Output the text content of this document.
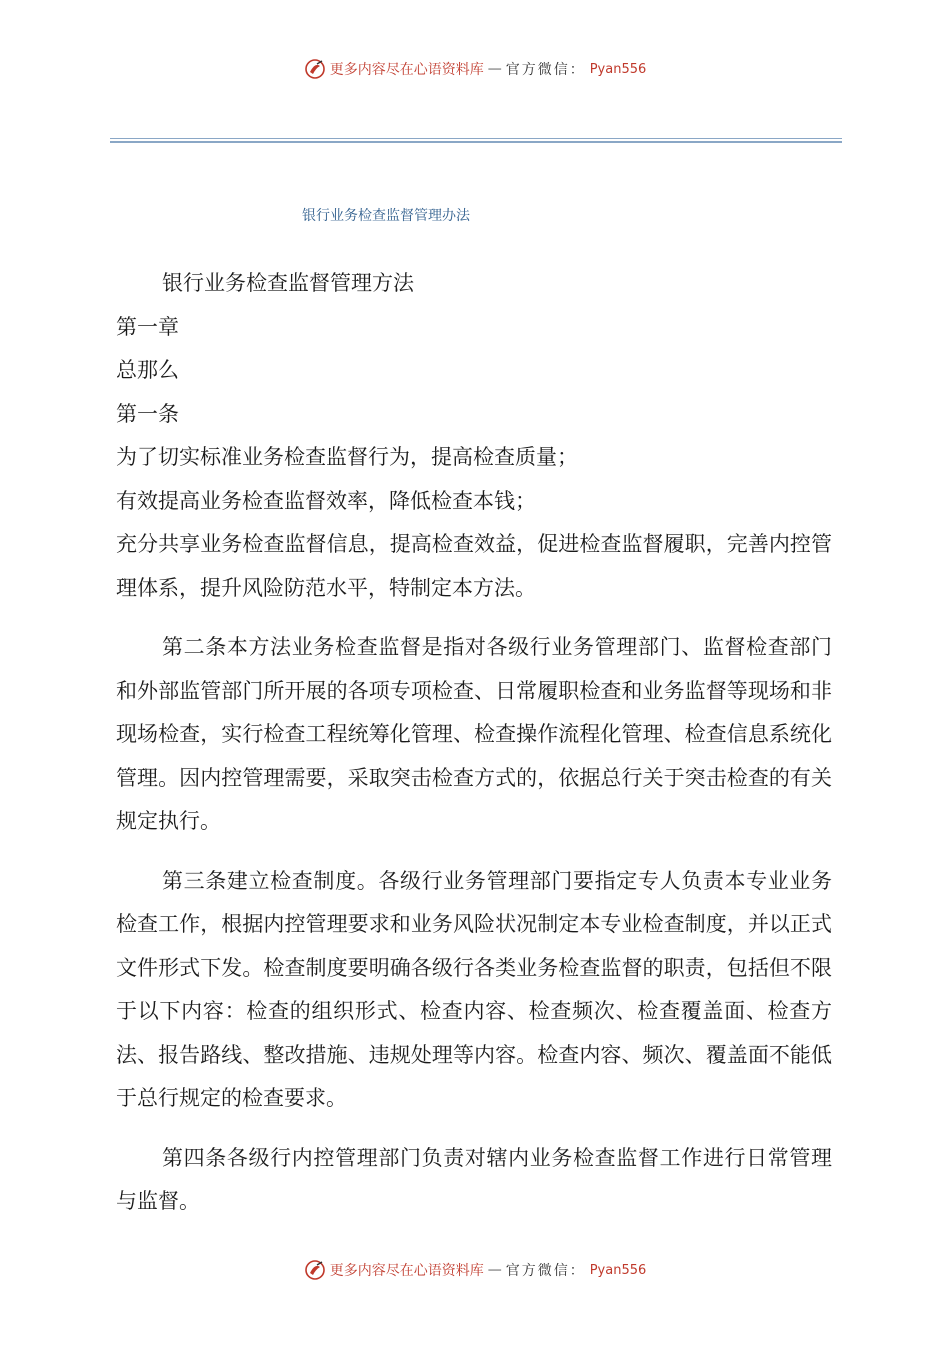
更多内容尽在心语资料库 — 官方微信： Pyan556
银行业务检查监督管理办法

银行业务检查监督管理方法

第一章

总那么

第一条

为了切实标准业务检查监督行为，提高检查质量；

有效提高业务检查监督效率，降低检查本钱；

充分共享业务检查监督信息，提高检查效益，促进检查监督履职，完善内控管理体系，提升风险防范水平，特制定本方法。

第二条本方法业务检查监督是指对各级行业务管理部门、监督检查部门和外部监管部门所开展的各项专项检查、日常履职检查和业务监督等现场和非现场检查，实行检查工程统筹化管理、检查操作流程化管理、检查信息系统化管理。因内控管理需要，采取突击检查方式的，依据总行关于突击检查的有关规定执行。

第三条建立检查制度。各级行业务管理部门要指定专人负责本专业业务检查工作，根据内控管理要求和业务风险状况制定本专业检查制度，并以正式文件形式下发。检查制度要明确各级行各类业务检查监督的职责，包括但不限于以下内容：检查的组织形式、检查内容、检查频次、检查覆盖面、检查方法、报告路线、整改措施、违规处理等内容。检查内容、频次、覆盖面不能低于总行规定的检查要求。

第四条各级行内控管理部门负责对辖内业务检查监督工作进行日常管理与监督。

更多内容尽在心语资料库 — 官方微信： Pyan556
